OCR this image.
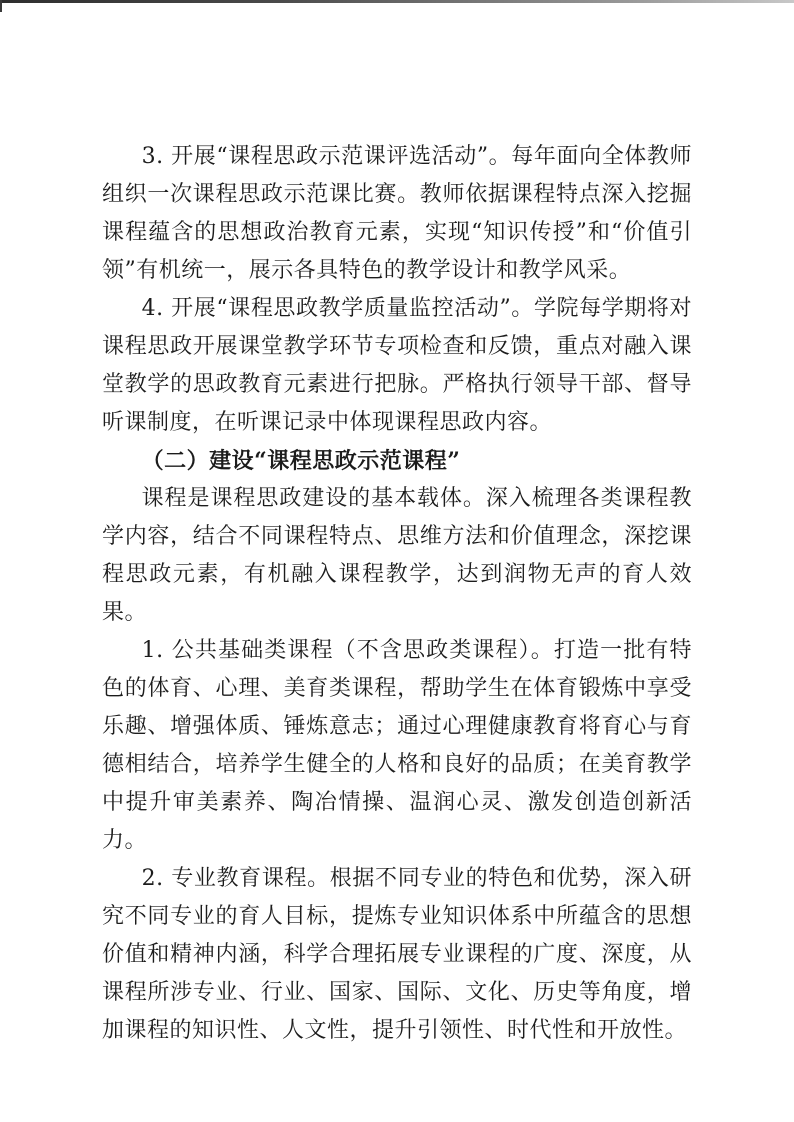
3. 开展“课程思政示范课评选活动”。每年面向全体教师组织一次课程思政示范课比赛。教师依据课程特点深入挖掘课程蕴含的思想政治教育元素，实现“知识传授”和“价值引领”有机统一，展示各具特色的教学设计和教学风采。

4. 开展“课程思政教学质量监控活动”。学院每学期将对课程思政开展课堂教学环节专项检查和反馈，重点对融入课堂教学的思政教育元素进行把脉。严格执行领导干部、督导听课制度，在听课记录中体现课程思政内容。

（二）建设“课程思政示范课程”

课程是课程思政建设的基本载体。深入梳理各类课程教学内容，结合不同课程特点、思维方法和价值理念，深挖课程思政元素，有机融入课程教学，达到润物无声的育人效果。

1. 公共基础类课程（不含思政类课程）。打造一批有特色的体育、心理、美育类课程，帮助学生在体育锻炼中享受乐趣、增强体质、锤炼意志；通过心理健康教育将育心与育德相结合，培养学生健全的人格和良好的品质；在美育教学中提升审美素养、陶冶情操、温润心灵、激发创造创新活力。

2. 专业教育课程。根据不同专业的特色和优势，深入研究不同专业的育人目标，提炼专业知识体系中所蕴含的思想价值和精神内涵，科学合理拓展专业课程的广度、深度，从课程所涉专业、行业、国家、国际、文化、历史等角度，增加课程的知识性、人文性，提升引领性、时代性和开放性。
